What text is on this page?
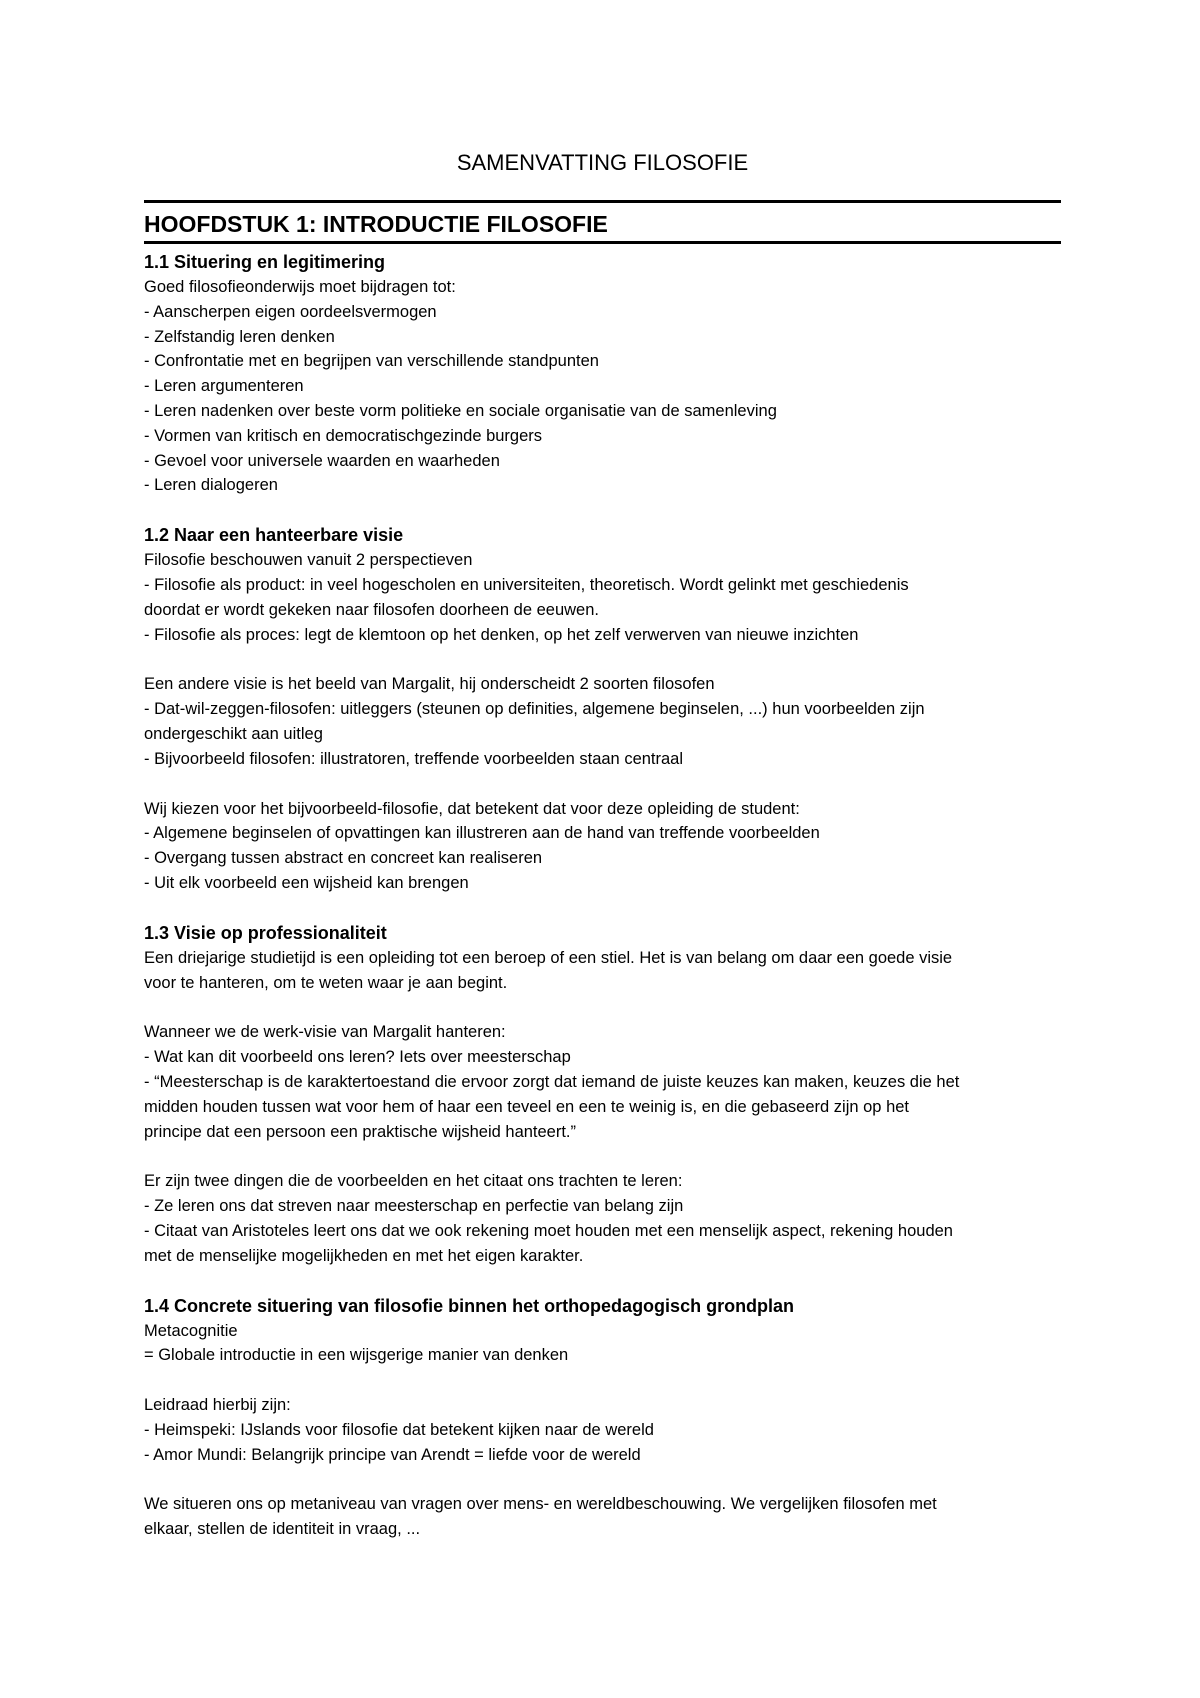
SAMENVATTING FILOSOFIE
HOOFDSTUK 1: INTRODUCTIE FILOSOFIE
1.1 Situering en legitimering
Goed filosofieonderwijs moet bijdragen tot:
- Aanscherpen eigen oordeelsvermogen
- Zelfstandig leren denken
- Confrontatie met en begrijpen van verschillende standpunten
- Leren argumenteren
- Leren nadenken over beste vorm politieke en sociale organisatie van de samenleving
- Vormen van kritisch en democratischgezinde burgers
- Gevoel voor universele waarden en waarheden
- Leren dialogeren
1.2 Naar een hanteerbare visie
Filosofie beschouwen vanuit 2 perspectieven
- Filosofie als product: in veel hogescholen en universiteiten, theoretisch. Wordt gelinkt met geschiedenis
doordat er wordt gekeken naar filosofen doorheen de eeuwen.
- Filosofie als proces: legt de klemtoon op het denken, op het zelf verwerven van nieuwe inzichten
Een andere visie is het beeld van Margalit, hij onderscheidt 2 soorten filosofen
- Dat-wil-zeggen-filosofen: uitleggers (steunen op definities, algemene beginselen, ...) hun voorbeelden zijn
ondergeschikt aan uitleg
- Bijvoorbeeld filosofen: illustratoren, treffende voorbeelden staan centraal
Wij kiezen voor het bijvoorbeeld-filosofie, dat betekent dat voor deze opleiding de student:
- Algemene beginselen of opvattingen kan illustreren aan de hand van treffende voorbeelden
- Overgang tussen abstract en concreet kan realiseren
- Uit elk voorbeeld een wijsheid kan brengen
1.3 Visie op professionaliteit
Een driejarige studietijd is een opleiding tot een beroep of een stiel. Het is van belang om daar een goede visie
voor te hanteren, om te weten waar je aan begint.
Wanneer we de werk-visie van Margalit hanteren:
- Wat kan dit voorbeeld ons leren? Iets over meesterschap
- “Meesterschap is de karaktertoestand die ervoor zorgt dat iemand de juiste keuzes kan maken, keuzes die het
midden houden tussen wat voor hem of haar een teveel en een te weinig is, en die gebaseerd zijn op het
principe dat een persoon een praktische wijsheid hanteert.”
Er zijn twee dingen die de voorbeelden en het citaat ons trachten te leren:
- Ze leren ons dat streven naar meesterschap en perfectie van belang zijn
- Citaat van Aristoteles leert ons dat we ook rekening moet houden met een menselijk aspect, rekening houden
met de menselijke mogelijkheden en met het eigen karakter.
1.4 Concrete situering van filosofie binnen het orthopedagogisch grondplan
Metacognitie
= Globale introductie in een wijsgerige manier van denken
Leidraad hierbij zijn:
- Heimspeki: IJslands voor filosofie dat betekent kijken naar de wereld
- Amor Mundi: Belangrijk principe van Arendt = liefde voor de wereld
We situeren ons op metaniveau van vragen over mens- en wereldbeschouwing. We vergelijken filosofen met
elkaar, stellen de identiteit in vraag, ...
